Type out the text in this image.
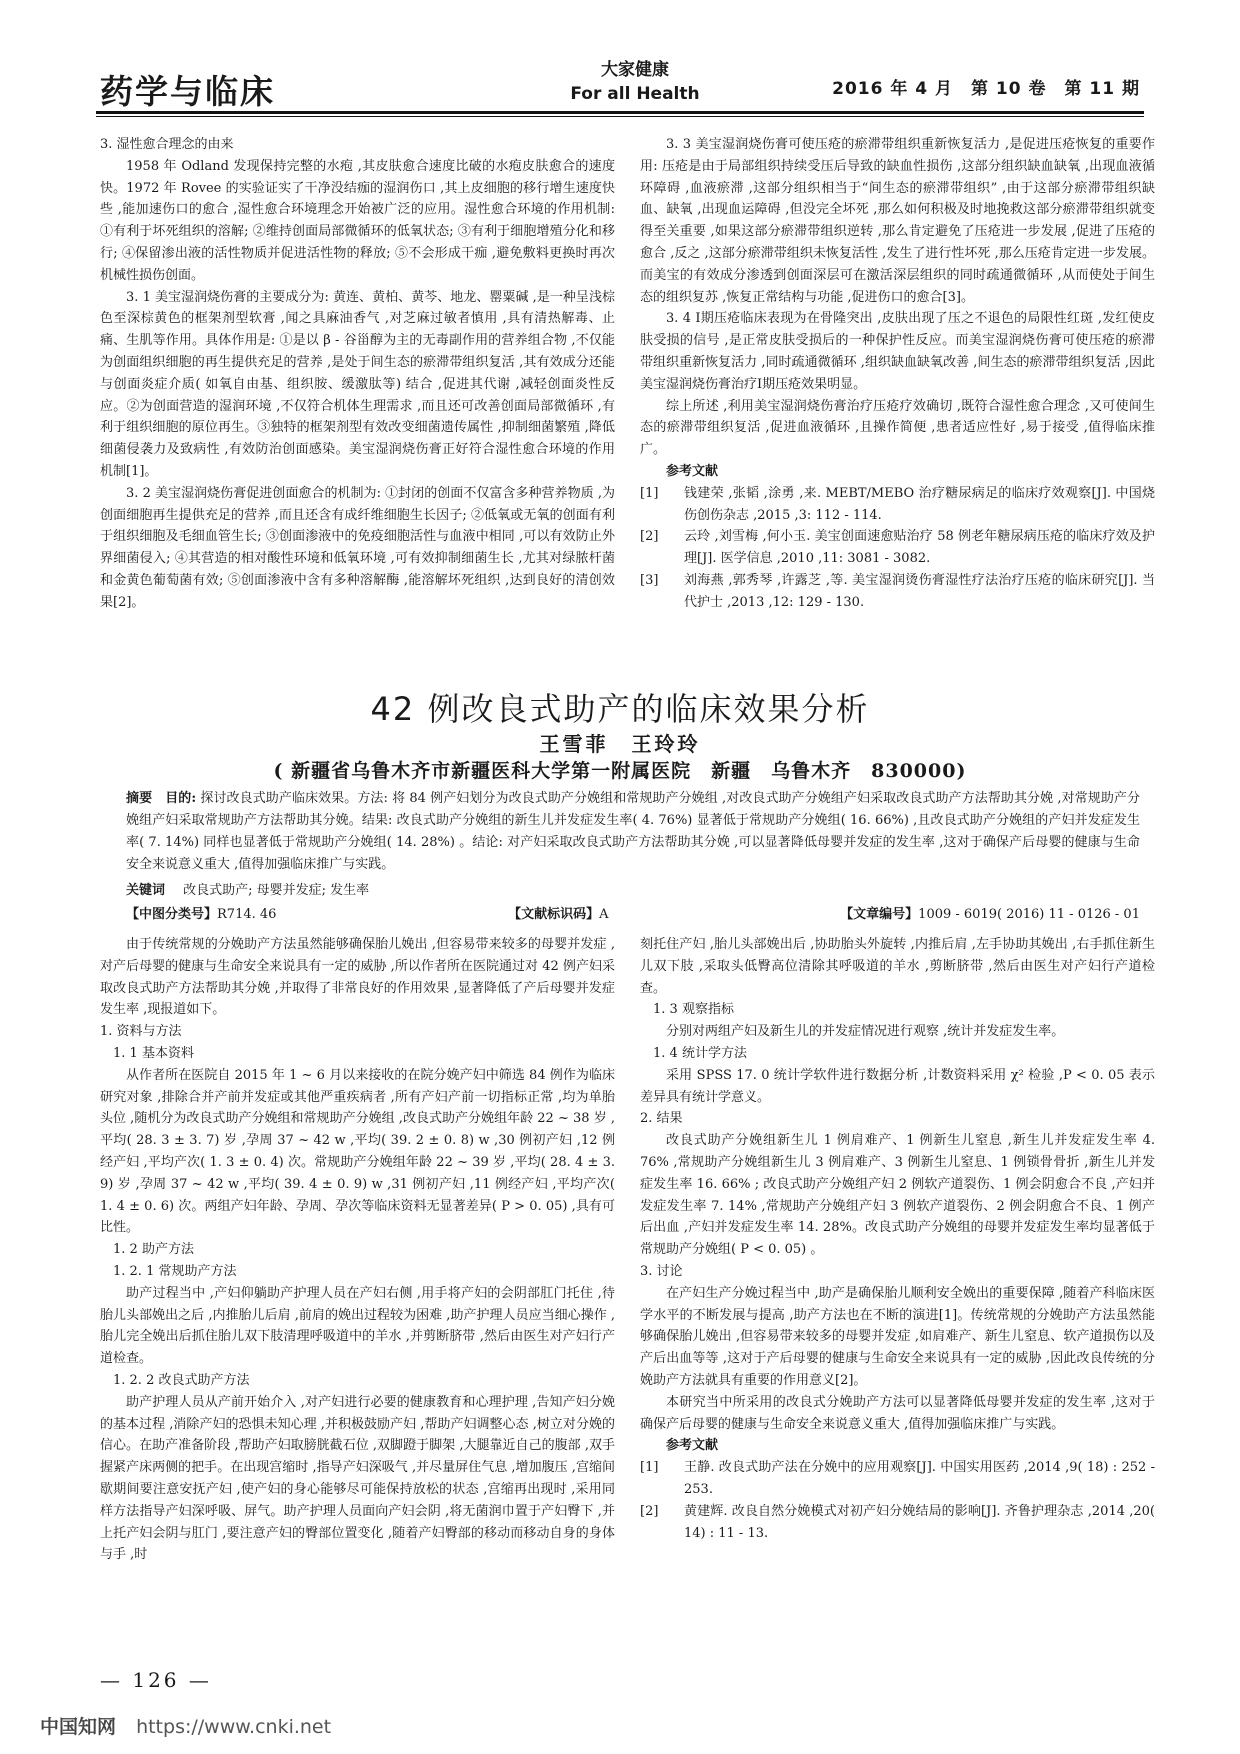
药学与临床
大家健康
For all Health	2016 年 4 月　第 10 卷　第 11 期

3. 湿性愈合理念的由来

1958 年 Odland 发现保持完整的水疱 ,其皮肤愈合速度比破的水疱皮肤愈合的速度快。1972 年 Rovee 的实验证实了干净没结痂的湿润伤口 ,其上皮细胞的移行增生速度快些 ,能加速伤口的愈合 ,湿性愈合环境理念开始被广泛的应用。湿性愈合环境的作用机制: ①有利于坏死组织的溶解; ②维持创面局部微循环的低氧状态; ③有利于细胞增殖分化和移行; ④保留渗出液的活性物质并促进活性物的释放; ⑤不会形成干痂 ,避免敷料更换时再次机械性损伤创面。

3. 1 美宝湿润烧伤膏的主要成分为: 黄连、黄柏、黄芩、地龙、罂粟碱 ,是一种呈浅棕色至深棕黄色的框架剂型软膏 ,闻之具麻油香气 ,对芝麻过敏者慎用 ,具有清热解毒、止痛、生肌等作用。具体作用是: ①是以 β - 谷甾醇为主的无毒副作用的营养组合物 ,不仅能为创面组织细胞的再生提供充足的营养 ,是处于间生态的瘀滞带组织复活 ,其有效成分还能与创面炎症介质( 如氧自由基、组织胺、缓激肽等) 结合 ,促进其代谢 ,减轻创面炎性反应。②为创面营造的湿润环境 ,不仅符合机体生理需求 ,而且还可改善创面局部微循环 ,有利于组织细胞的原位再生。③独特的框架剂型有效改变细菌遗传属性 ,抑制细菌繁殖 ,降低细菌侵袭力及致病性 ,有效防治创面感染。美宝湿润烧伤膏正好符合湿性愈合环境的作用机制[1]。

3. 2 美宝湿润烧伤膏促进创面愈合的机制为: ①封闭的创面不仅富含多种营养物质 ,为创面细胞再生提供充足的营养 ,而且还含有成纤维细胞生长因子; ②低氧或无氧的创面有利于组织细胞及毛细血管生长; ③创面渗液中的免疫细胞活性与血液中相同 ,可以有效防止外界细菌侵入; ④其营造的相对酸性环境和低氧环境 ,可有效抑制细菌生长 ,尤其对绿脓杆菌和金黄色葡萄菌有效; ⑤创面渗液中含有多种溶解酶 ,能溶解坏死组织 ,达到良好的清创效果[2]。

3. 3 美宝湿润烧伤膏可使压疮的瘀滞带组织重新恢复活力 ,是促进压疮恢复的重要作用: 压疮是由于局部组织持续受压后导致的缺血性损伤 ,这部分组织缺血缺氧 ,出现血液循环障碍 ,血液瘀滞 ,这部分组织相当于“间生态的瘀滞带组织” ,由于这部分瘀滞带组织缺血、缺氧 ,出现血运障碍 ,但没完全坏死 ,那么如何积极及时地挽救这部分瘀滞带组织就变得至关重要 ,如果这部分瘀滞带组织逆转 ,那么肯定避免了压疮进一步发展 ,促进了压疮的愈合 ,反之 ,这部分瘀滞带组织未恢复活性 ,发生了进行性坏死 ,那么压疮肯定进一步发展。而美宝的有效成分渗透到创面深层可在激活深层组织的同时疏通微循环 ,从而使处于间生态的组织复苏 ,恢复正常结构与功能 ,促进伤口的愈合[3]。

3. 4 Ⅰ期压疮临床表现为在骨隆突出 ,皮肤出现了压之不退色的局限性红斑 ,发红使皮肤受损的信号 ,是正常皮肤受损后的一种保护性反应。而美宝湿润烧伤膏可使压疮的瘀滞带组织重新恢复活力 ,同时疏通微循环 ,组织缺血缺氧改善 ,间生态的瘀滞带组织复活 ,因此美宝湿润烧伤膏治疗Ⅰ期压疮效果明显。

综上所述 ,利用美宝湿润烧伤膏治疗压疮疗效确切 ,既符合湿性愈合理念 ,又可使间生态的瘀滞带组织复活 ,促进血液循环 ,且操作简便 ,患者适应性好 ,易于接受 ,值得临床推广。

参考文献

[1]	钱建荣 ,张韬 ,涂勇 ,来. MEBT/MEBO 治疗糖尿病足的临床疗效观察[J]. 中国烧伤创伤杂志 ,2015 ,3: 112 - 114.
[2]	云玲 ,刘雪梅 ,何小玉. 美宝创面速愈贴治疗 58 例老年糖尿病压疮的临床疗效及护理[J]. 医学信息 ,2010 ,11: 3081 - 3082.
[3]	刘海燕 ,郭秀琴 ,许露芝 ,等. 美宝湿润烫伤膏湿性疗法治疗压疮的临床研究[J]. 当代护士 ,2013 ,12: 129 - 130.
42 例改良式助产的临床效果分析
王雪菲　王玲玲
( 新疆省乌鲁木齐市新疆医科大学第一附属医院　新疆　乌鲁木齐　830000)
摘要　目的: 探讨改良式助产临床效果。方法: 将 84 例产妇划分为改良式助产分娩组和常规助产分娩组 ,对改良式助产分娩组产妇采取改良式助产方法帮助其分娩 ,对常规助产分娩组产妇采取常规助产方法帮助其分娩。结果: 改良式助产分娩组的新生儿并发症发生率( 4. 76%) 显著低于常规助产分娩组( 16. 66%) ,且改良式助产分娩组的产妇并发症发生率( 7. 14%) 同样也显著低于常规助产分娩组( 14. 28%) 。结论: 对产妇采取改良式助产方法帮助其分娩 ,可以显著降低母婴并发症的发生率 ,这对于确保产后母婴的健康与生命安全来说意义重大 ,值得加强临床推广与实践。
关键词 改良式助产; 母婴并发症; 发生率
【中图分类号】R714. 46	【文献标识码】A	【文章编号】1009 - 6019( 2016) 11 - 0126 - 01

由于传统常规的分娩助产方法虽然能够确保胎儿娩出 ,但容易带来较多的母婴并发症 ,对产后母婴的健康与生命安全来说具有一定的威胁 ,所以作者所在医院通过对 42 例产妇采取改良式助产方法帮助其分娩 ,并取得了非常良好的作用效果 ,显著降低了产后母婴并发症发生率 ,现报道如下。

1. 资料与方法

1. 1 基本资料

从作者所在医院自 2015 年 1 ~ 6 月以来接收的在院分娩产妇中筛选 84 例作为临床研究对象 ,排除合并产前并发症或其他严重疾病者 ,所有产妇产前一切指标正常 ,均为单胎头位 ,随机分为改良式助产分娩组和常规助产分娩组 ,改良式助产分娩组年龄 22 ~ 38 岁 ,平均( 28. 3 ± 3. 7) 岁 ,孕周 37 ~ 42 w ,平均( 39. 2 ± 0. 8) w ,30 例初产妇 ,12 例经产妇 ,平均产次( 1. 3 ± 0. 4) 次。常规助产分娩组年龄 22 ~ 39 岁 ,平均( 28. 4 ± 3. 9) 岁 ,孕周 37 ~ 42 w ,平均( 39. 4 ± 0. 9) w ,31 例初产妇 ,11 例经产妇 ,平均产次( 1. 4 ± 0. 6) 次。两组产妇年龄、孕周、孕次等临床资料无显著差异( P > 0. 05) ,具有可比性。

1. 2 助产方法

1. 2. 1 常规助产方法

助产过程当中 ,产妇仰躺助产护理人员在产妇右侧 ,用手将产妇的会阴部肛门托住 ,待胎儿头部娩出之后 ,内推胎儿后肩 ,前肩的娩出过程较为困难 ,助产护理人员应当细心操作 ,胎儿完全娩出后抓住胎儿双下肢清理呼吸道中的羊水 ,并剪断脐带 ,然后由医生对产妇行产道检查。

1. 2. 2 改良式助产方法

助产护理人员从产前开始介入 ,对产妇进行必要的健康教育和心理护理 ,告知产妇分娩的基本过程 ,消除产妇的恐惧未知心理 ,并积极鼓励产妇 ,帮助产妇调整心态 ,树立对分娩的信心。在助产准备阶段 ,帮助产妇取膀胱截石位 ,双脚蹬于脚架 ,大腿靠近自己的腹部 ,双手握紧产床两侧的把手。在出现宫缩时 ,指导产妇深吸气 ,并尽量屏住气息 ,增加腹压 ,宫缩间歇期间要注意安抚产妇 ,使产妇的身心能够尽可能保持放松的状态 ,宫缩再出现时 ,采用同样方法指导产妇深呼吸、屏气。助产护理人员面向产妇会阴 ,将无菌润巾置于产妇臀下 ,并上托产妇会阴与肛门 ,要注意产妇的臀部位置变化 ,随着产妇臀部的移动而移动自身的身体与手 ,时

刻托住产妇 ,胎儿头部娩出后 ,协助胎头外旋转 ,内推后肩 ,左手协助其娩出 ,右手抓住新生儿双下肢 ,采取头低臀高位清除其呼吸道的羊水 ,剪断脐带 ,然后由医生对产妇行产道检查。

1. 3 观察指标

分别对两组产妇及新生儿的并发症情况进行观察 ,统计并发症发生率。

1. 4 统计学方法

采用 SPSS 17. 0 统计学软件进行数据分析 ,计数资料采用 χ² 检验 ,P < 0. 05 表示差异具有统计学意义。

2. 结果

改良式助产分娩组新生儿 1 例肩难产、1 例新生儿窒息 ,新生儿并发症发生率 4. 76% ,常规助产分娩组新生儿 3 例肩难产、3 例新生儿窒息、1 例锁骨骨折 ,新生儿并发症发生率 16. 66% ; 改良式助产分娩组产妇 2 例软产道裂伤、1 例会阴愈合不良 ,产妇并发症发生率 7. 14% ,常规助产分娩组产妇 3 例软产道裂伤、2 例会阴愈合不良、1 例产后出血 ,产妇并发症发生率 14. 28%。改良式助产分娩组的母婴并发症发生率均显著低于常规助产分娩组( P < 0. 05) 。

3. 讨论

在产妇生产分娩过程当中 ,助产是确保胎儿顺利安全娩出的重要保障 ,随着产科临床医学水平的不断发展与提高 ,助产方法也在不断的演进[1]。传统常规的分娩助产方法虽然能够确保胎儿娩出 ,但容易带来较多的母婴并发症 ,如肩难产、新生儿窒息、软产道损伤以及产后出血等等 ,这对于产后母婴的健康与生命安全来说具有一定的威胁 ,因此改良传统的分娩助产方法就具有重要的作用意义[2]。

本研究当中所采用的改良式分娩助产方法可以显著降低母婴并发症的发生率 ,这对于确保产后母婴的健康与生命安全来说意义重大 ,值得加强临床推广与实践。

参考文献

[1]	王静. 改良式助产法在分娩中的应用观察[J]. 中国实用医药 ,2014 ,9( 18) : 252 - 253.
[2]	黄建辉. 改良自然分娩模式对初产妇分娩结局的影响[J]. 齐鲁护理杂志 ,2014 ,20( 14) : 11 - 13.
— 126 —
中国知网 https://www.cnki.net
